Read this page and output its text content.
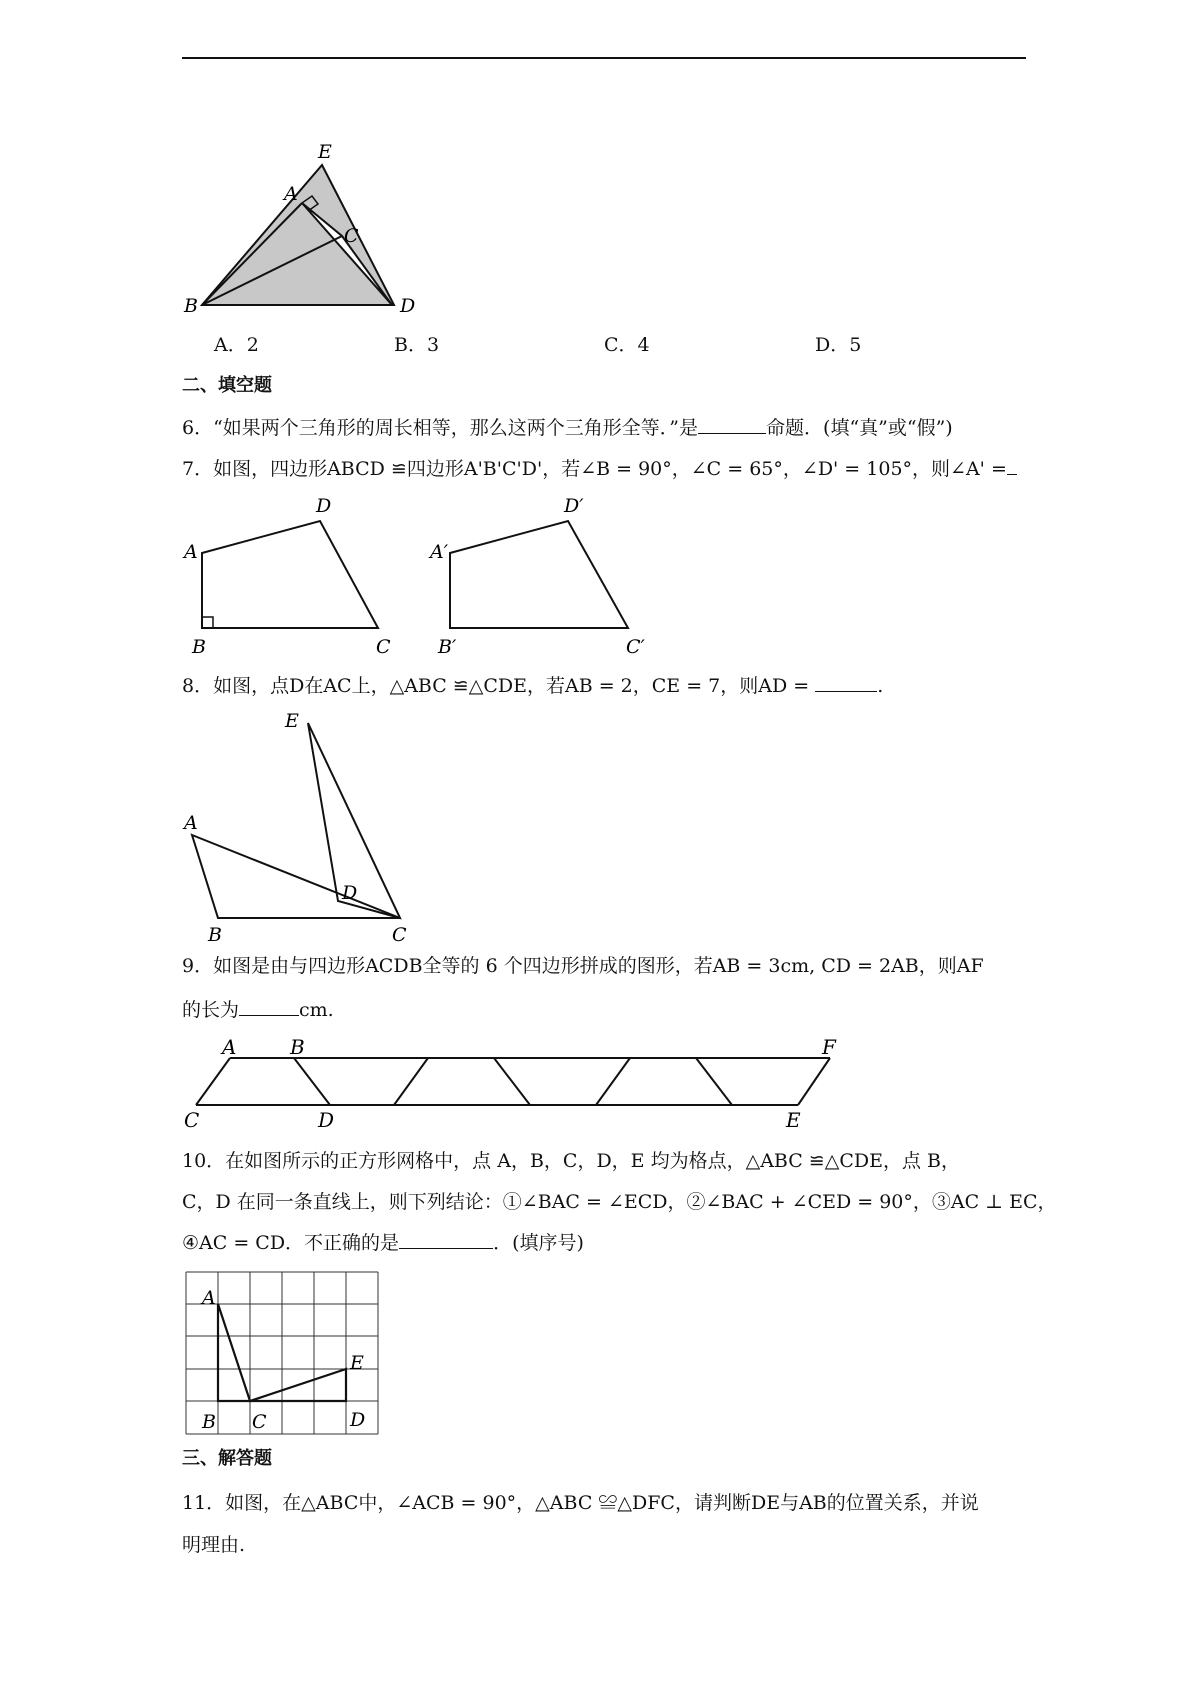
E
A
C
B	D
A．2	B．3	C．4	D．5
二、填空题
6．“如果两个三角形的周长相等，那么这两个三角形全等．”是	命题．(填“真”或“假”)
7．如图，四边形ABCD ≌四边形A'B'C'D'，若∠B = 90°，∠C = 65°，∠D' = 105°，则∠A' =
A
D
B	C
A′
D′
B′	C′
8．如图，点D在AC上，△ABC ≌△CDE，若AB = 2，CE = 7，则AD =	.
E
A
D
B	C
9．如图是由与四边形ACDB全等的 6 个四边形拼成的图形，若AB = 3cm, CD = 2AB，则AF
的长为	cm.
A	B	F
C	D	E
10．在如图所示的正方形网格中，点 A，B，C，D，E 均为格点，△ABC ≌△CDE，点 B，
C，D 在同一条直线上，则下列结论：①∠BAC = ∠ECD，②∠BAC + ∠CED = 90°，③AC ⊥ EC，
④AC = CD．不正确的是	．(填序号)
A
B C	D
E
三、解答题
11．如图，在△ABC中，∠ACB = 90°，△ABC ≌△DFC，请判断DE与AB的位置关系，并说
明理由.
